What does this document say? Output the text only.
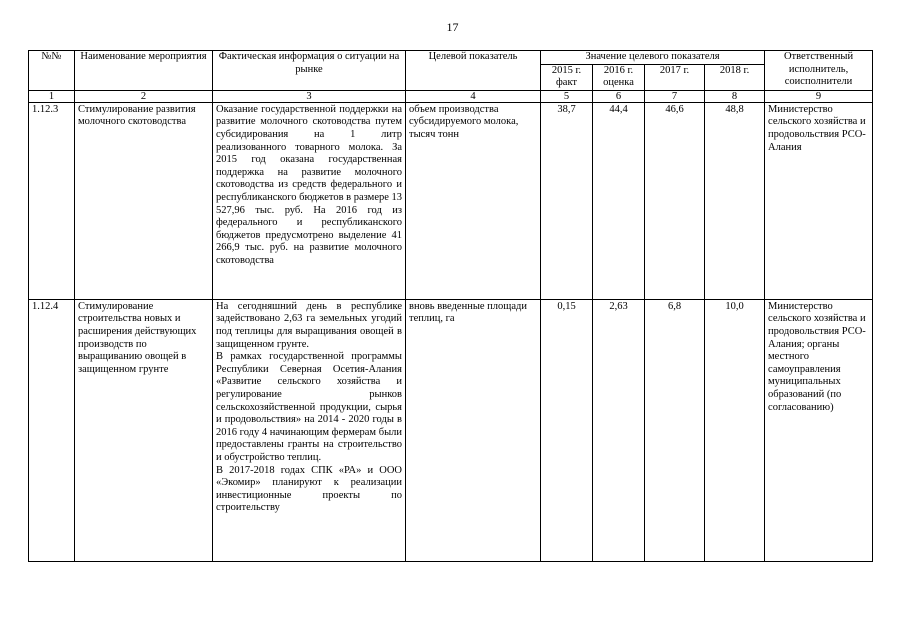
17
№№	Наименование мероприятия	Фактическая информация о ситуации на рынке	Целевой показатель	Значение целевого показателя				Ответственный исполнитель, соисполнители
				2015 г. факт	2016 г. оценка	2017 г.	2018 г.	
1	2	3	4	5	6	7	8	9
1.12.3	Стимулирование развития молочного скотоводства	Оказание государственной поддержки на развитие молочного скотоводства путем субсидирования на 1 литр реализованного товарного молока. За 2015 год оказана государственная поддержка на развитие молочного скотоводства из средств федерального и республиканского бюджетов в размере 13 527,96 тыс. руб. На 2016 год из федерального и республиканского бюджетов предусмотрено выделение 41 266,9 тыс. руб. на развитие молочного скотоводства	объем производства субсидируемого молока, тысяч тонн	38,7	44,4	46,6	48,8	Министерство сельского хозяйства и продовольствия РСО-Алания
1.12.4	Стимулирование строительства новых и расширения действующих производств по выращиванию овощей в защищенном грунте	На сегодняшний день в республике задействовано 2,63 га земельных угодий под теплицы для выращивания овощей в защищенном грунте.
В рамках государственной программы Республики Северная Осетия-Алания «Развитие сельского хозяйства и регулирование рынков сельскохозяйственной продукции, сырья и продовольствия» на 2014 - 2020 годы в 2016 году 4 начинающим фермерам были предоставлены гранты на строительство и обустройство теплиц.
В 2017-2018 годах СПК «РА» и ООО «Экомир» планируют к реализации инвестиционные проекты по строительству	вновь введенные площади теплиц, га	0,15	2,63	6,8	10,0	Министерство сельского хозяйства и продовольствия РСО-Алания; органы местного самоуправления муниципальных образований (по согласованию)
